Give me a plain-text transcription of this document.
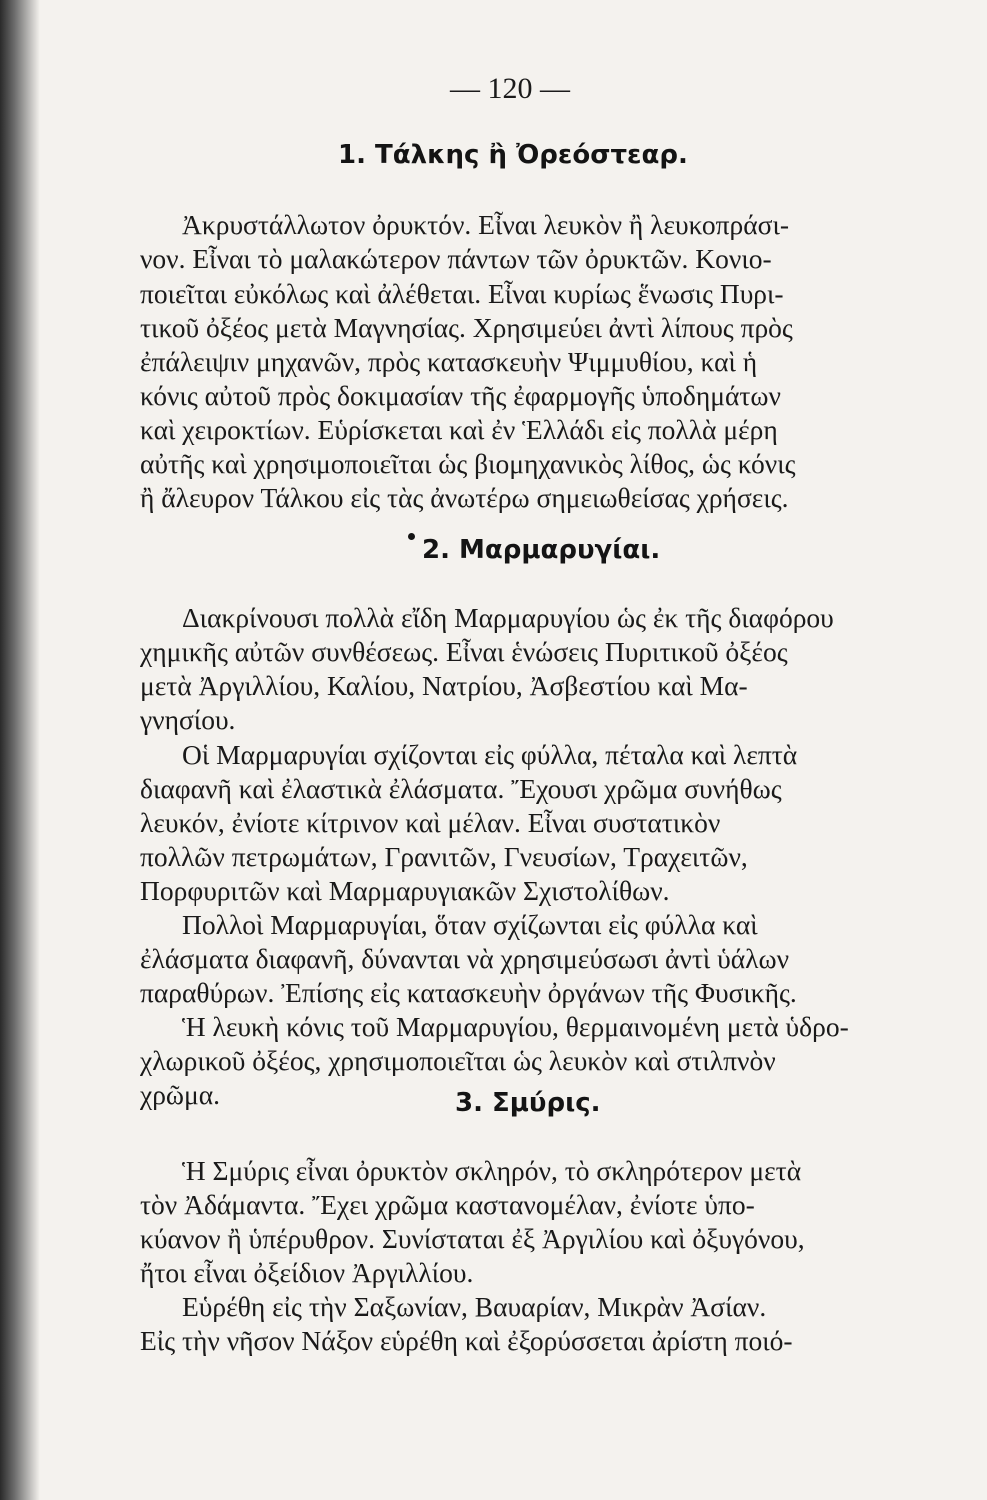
— 120 —
1. Τάλκης ἢ Ὀρεόστεαρ.
Ἀκρυστάλλωτον ὀρυκτόν. Εἶναι λευκὸν ἢ λευκοπράσι-
νον. Εἶναι τὸ μαλακώτερον πάντων τῶν ὀρυκτῶν. Κονιο-
ποιεῖται εὐκόλως καὶ ἀλέθεται. Εἶναι κυρίως ἕνωσις Πυρι-
τικοῦ ὀξέος μετὰ Μαγνησίας. Χρησιμεύει ἀντὶ λίπους πρὸς
ἐπάλειψιν μηχανῶν, πρὸς κατασκευὴν Ψιμμυθίου, καὶ ἡ
κόνις αὐτοῦ πρὸς δοκιμασίαν τῆς ἐφαρμογῆς ὑποδημάτων
καὶ χειροκτίων. Εὑρίσκεται καὶ ἐν Ἑλλάδι εἰς πολλὰ μέρη
αὐτῆς καὶ χρησιμοποιεῖται ὡς βιομηχανικὸς λίθος, ὡς κόνις
ἢ ἄλευρον Τάλκου εἰς τὰς ἀνωτέρω σημειωθείσας χρήσεις.
2. Μαρμαρυγίαι.
Διακρίνουσι πολλὰ εἴδη Μαρμαρυγίου ὡς ἐκ τῆς διαφόρου
χημικῆς αὐτῶν συνθέσεως. Εἶναι ἑνώσεις Πυριτικοῦ ὀξέος
μετὰ Ἀργιλλίου, Καλίου, Νατρίου, Ἀσβεστίου καὶ Μα-
γνησίου.
Οἱ Μαρμαρυγίαι σχίζονται εἰς φύλλα, πέταλα καὶ λεπτὰ
διαφανῆ καὶ ἐλαστικὰ ἐλάσματα. Ἔχουσι χρῶμα συνήθως
λευκόν, ἐνίοτε κίτρινον καὶ μέλαν. Εἶναι συστατικὸν
πολλῶν πετρωμάτων, Γρανιτῶν, Γνευσίων, Τραχειτῶν,
Πορφυριτῶν καὶ Μαρμαρυγιακῶν Σχιστολίθων.
Πολλοὶ Μαρμαρυγίαι, ὅταν σχίζωνται εἰς φύλλα καὶ
ἐλάσματα διαφανῆ, δύνανται νὰ χρησιμεύσωσι ἀντὶ ὑάλων
παραθύρων. Ἐπίσης εἰς κατασκευὴν ὀργάνων τῆς Φυσικῆς.
Ἡ λευκὴ κόνις τοῦ Μαρμαρυγίου, θερμαινομένη μετὰ ὑδρο-
χλωρικοῦ ὀξέος, χρησιμοποιεῖται ὡς λευκὸν καὶ στιλπνὸν
χρῶμα.	3. Σμύρις.
Ἡ Σμύρις εἶναι ὀρυκτὸν σκληρόν, τὸ σκληρότερον μετὰ
τὸν Ἀδάμαντα. Ἔχει χρῶμα καστανομέλαν, ἐνίοτε ὑπο-
κύανον ἢ ὑπέρυθρον. Συνίσταται ἐξ Ἀργιλίου καὶ ὀξυγόνου,
ἤτοι εἶναι ὀξείδιον Ἀργιλλίου.
Εὑρέθη εἰς τὴν Σαξωνίαν, Βαυαρίαν, Μικρὰν Ἀσίαν.
Εἰς τὴν νῆσον Νάξον εὑρέθη καὶ ἐξορύσσεται ἀρίστη ποιό-
